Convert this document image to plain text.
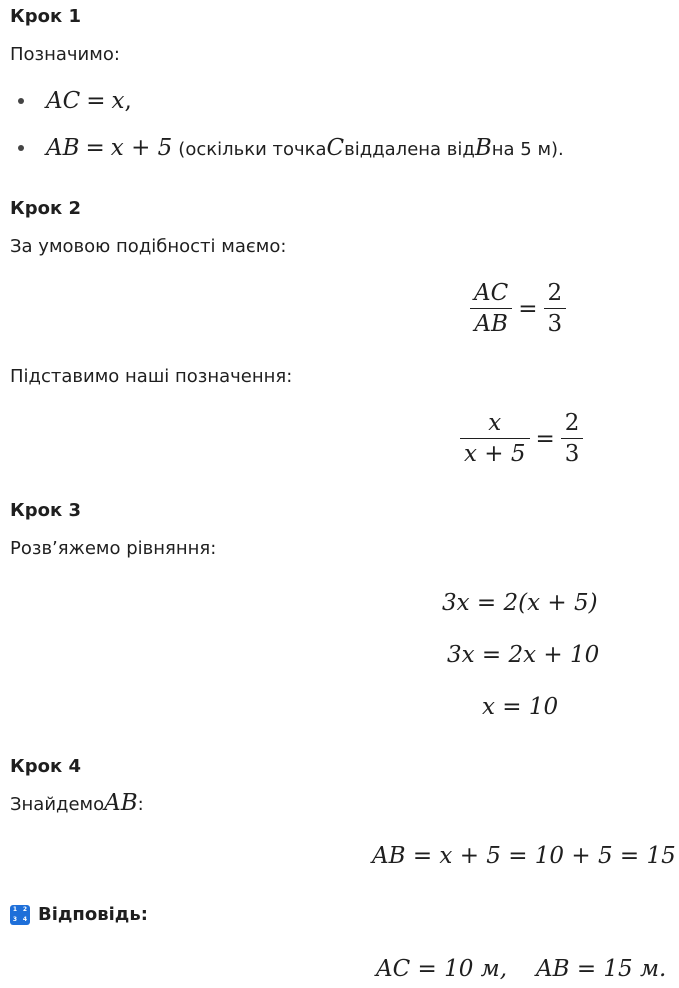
Крок 1
Позначимо:
AC = x ,
AB = x + 5 (оскільки точка C віддалена від B на 5 м).
Крок 2
За умовою подібності маємо:
$\frac{AC}{AB} = \frac{2}{3}$
Підставимо наші позначення:
$\frac{x}{x + 5} = \frac{2}{3}$
Крок 3
Розв’яжемо рівняння:
3x = 2(x + 5)
3x = 2x + 10
x = 10
Крок 4
Знайдемо AB :
AB = x + 5 = 10 + 5 = 15
1 2
3 4 Відповідь:
AC = 10 м, AB = 15 м.
